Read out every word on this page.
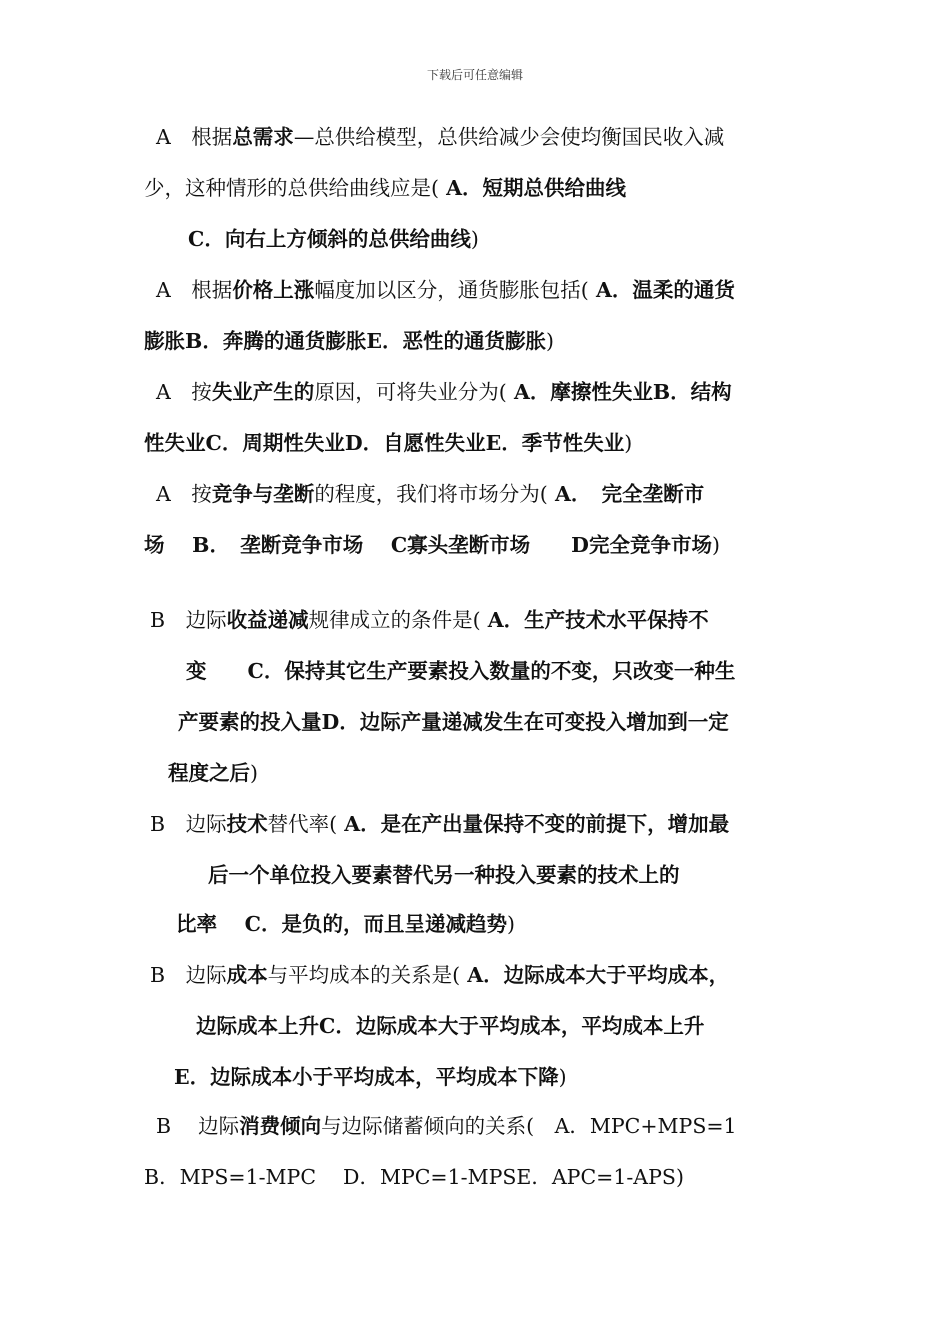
下载后可任意编辑
A　根据总需求—总供给模型，总供给减少会使均衡国民收入减
少，这种情形的总供给曲线应是( A．短期总供给曲线
C．向右上方倾斜的总供给曲线)
A　根据价格上涨幅度加以区分，通货膨胀包括( A．温柔的通货
膨胀B．奔腾的通货膨胀E．恶性的通货膨胀)
A　按失业产生的原因，可将失业分为( A．摩擦性失业B．结构
性失业C．周期性失业D．自愿性失业E．季节性失业)
A　按竞争与垄断的程度，我们将市场分为( A．　完全垄断市
场　 B．　垄断竞争市场　 C寡头垄断市场　　D完全竞争市场)
B　边际收益递减规律成立的条件是( A．生产技术水平保持不
变　　C．保持其它生产要素投入数量的不变，只改变一种生
产要素的投入量D．边际产量递减发生在可变投入增加到一定
程度之后)
B　边际技术替代率( A．是在产出量保持不变的前提下，增加最
后一个单位投入要素替代另一种投入要素的技术上的
比率　 C．是负的，而且呈递减趋势)
B　边际成本与平均成本的关系是( A．边际成本大于平均成本，
边际成本上升C．边际成本大于平均成本，平均成本上升
E．边际成本小于平均成本，平均成本下降)
B　 边际消费倾向与边际储蓄倾向的关系(　A．MPC+MPS=1
B．MPS=1-MPC　 D．MPC=1-MPSE．APC=1-APS)
